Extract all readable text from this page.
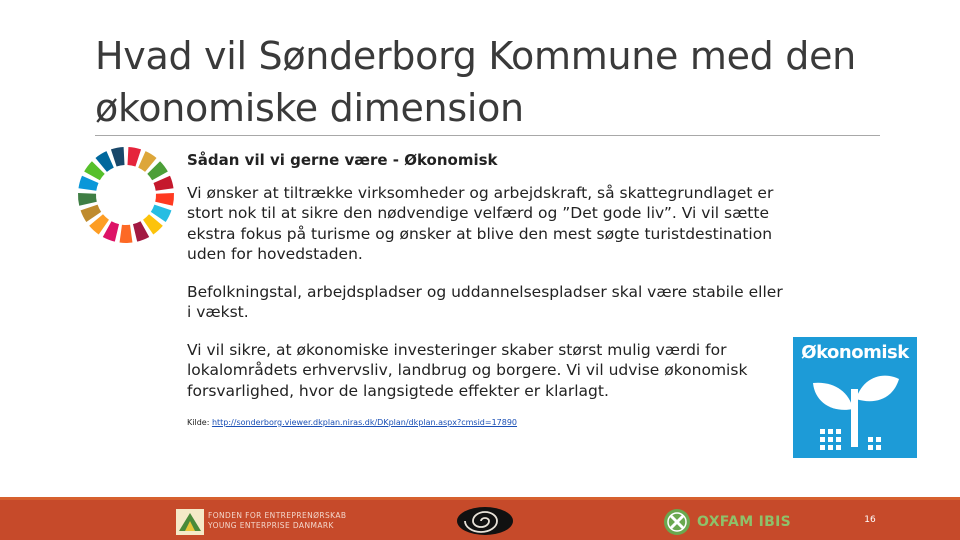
Hvad vil Sønderborg Kommune med den økonomiske dimension

Sådan vil vi gerne være - Økonomisk

Vi ønsker at tiltrække virksomheder og arbejdskraft, så skattegrundlaget er stort nok til at sikre den nødvendige velfærd og ”Det gode liv”. Vi vil sætte ekstra fokus på turisme og ønsker at blive den mest søgte turistdestination uden for hovedstaden.

Befolkningstal, arbejdspladser og uddannelsespladser skal være stabile eller i vækst.

Vi vil sikre, at økonomiske investeringer skaber størst mulig værdi for lokalområdets erhvervsliv, landbrug og borgere. Vi vil udvise økonomisk forsvarlighed, hvor de langsigtede effekter er klarlagt.

Kilde: http://sonderborg.viewer.dkplan.niras.dk/DKplan/dkplan.aspx?cmsid=17890

Økonomisk
FONDEN FOR ENTREPRENØRSKAB
YOUNG ENTERPRISE DANMARK	OXFAM IBIS	16
